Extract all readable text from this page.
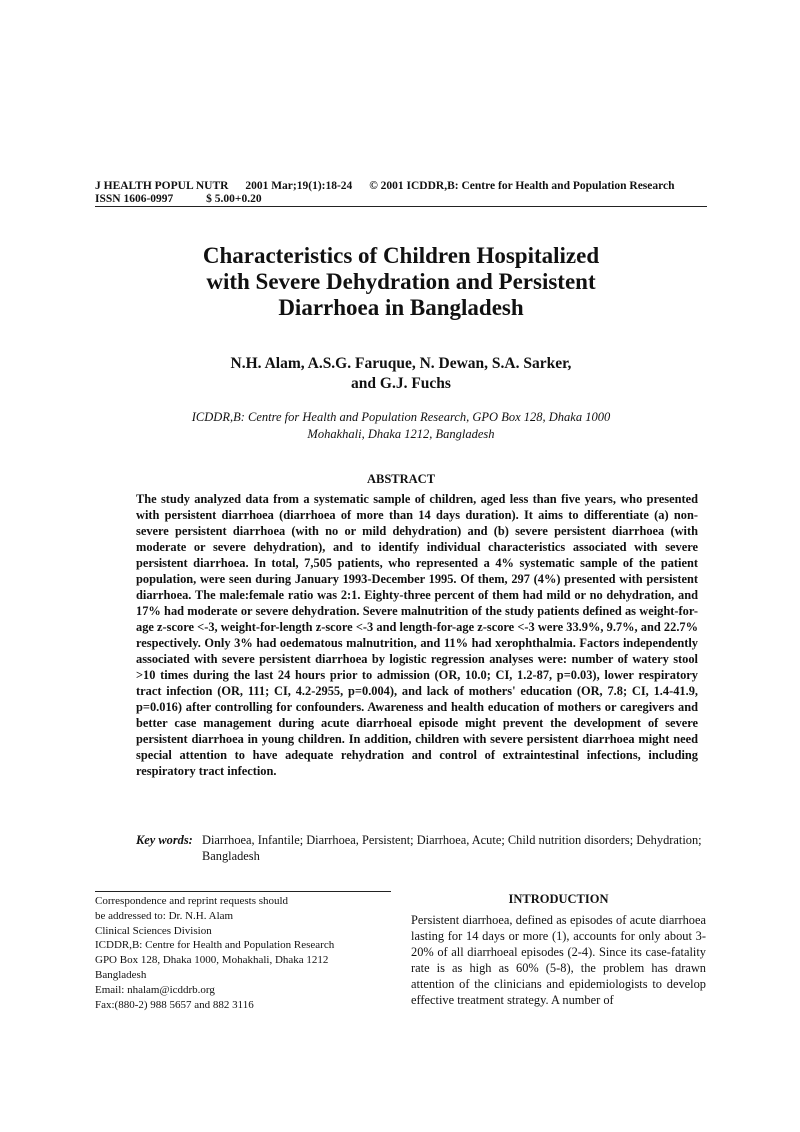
J HEALTH POPUL NUTR 2001 Mar;19(1):18-24 © 2001 ICDDR,B: Centre for Health and Population Research
ISSN 1606-0997	$ 5.00+0.20
Characteristics of Children Hospitalized
with Severe Dehydration and Persistent
Diarrhoea in Bangladesh
N.H. Alam, A.S.G. Faruque, N. Dewan, S.A. Sarker,
and G.J. Fuchs
ICDDR,B: Centre for Health and Population Research, GPO Box 128, Dhaka 1000
Mohakhali, Dhaka 1212, Bangladesh
ABSTRACT

The study analyzed data from a systematic sample of children, aged less than five years, who presented with persistent diarrhoea (diarrhoea of more than 14 days duration). It aims to differentiate (a) non-severe persistent diarrhoea (with no or mild dehydration) and (b) severe persistent diarrhoea (with moderate or severe dehydration), and to identify individual characteristics associated with severe persistent diarrhoea. In total, 7,505 patients, who represented a 4% systematic sample of the patient population, were seen during January 1993-December 1995. Of them, 297 (4%) presented with persistent diarrhoea. The male:female ratio was 2:1. Eighty-three percent of them had mild or no dehydration, and 17% had moderate or severe dehydration. Severe malnutrition of the study patients defined as weight-for-age z-score <-3, weight-for-length z-score <-3 and length-for-age z-score <-3 were 33.9%, 9.7%, and 22.7% respectively. Only 3% had oedematous malnutrition, and 11% had xerophthalmia. Factors independently associated with severe persistent diarrhoea by logistic regression analyses were: number of watery stool >10 times during the last 24 hours prior to admission (OR, 10.0; CI, 1.2-87, p=0.03), lower respiratory tract infection (OR, 111; CI, 4.2-2955, p=0.004), and lack of mothers' education (OR, 7.8; CI, 1.4-41.9, p=0.016) after controlling for confounders. Awareness and health education of mothers or caregivers and better case management during acute diarrhoeal episode might prevent the development of severe persistent diarrhoea in young children. In addition, children with severe persistent diarrhoea might need special attention to have adequate rehydration and control of extraintestinal infections, including respiratory tract infection.

Key words: Diarrhoea, Infantile; Diarrhoea, Persistent; Diarrhoea, Acute; Child nutrition disorders; Dehydration; Bangladesh
Correspondence and reprint requests should
be addressed to: Dr. N.H. Alam
Clinical Sciences Division
ICDDR,B: Centre for Health and Population Research
GPO Box 128, Dhaka 1000, Mohakhali, Dhaka 1212
Bangladesh
Email: nhalam@icddrb.org
Fax:(880-2) 988 5657 and 882 3116
INTRODUCTION

Persistent diarrhoea, defined as episodes of acute diarrhoea lasting for 14 days or more (1), accounts for only about 3-20% of all diarrhoeal episodes (2-4). Since its case-fatality rate is as high as 60% (5-8), the problem has drawn attention of the clinicians and epidemiologists to develop effective treatment strategy. A number of
